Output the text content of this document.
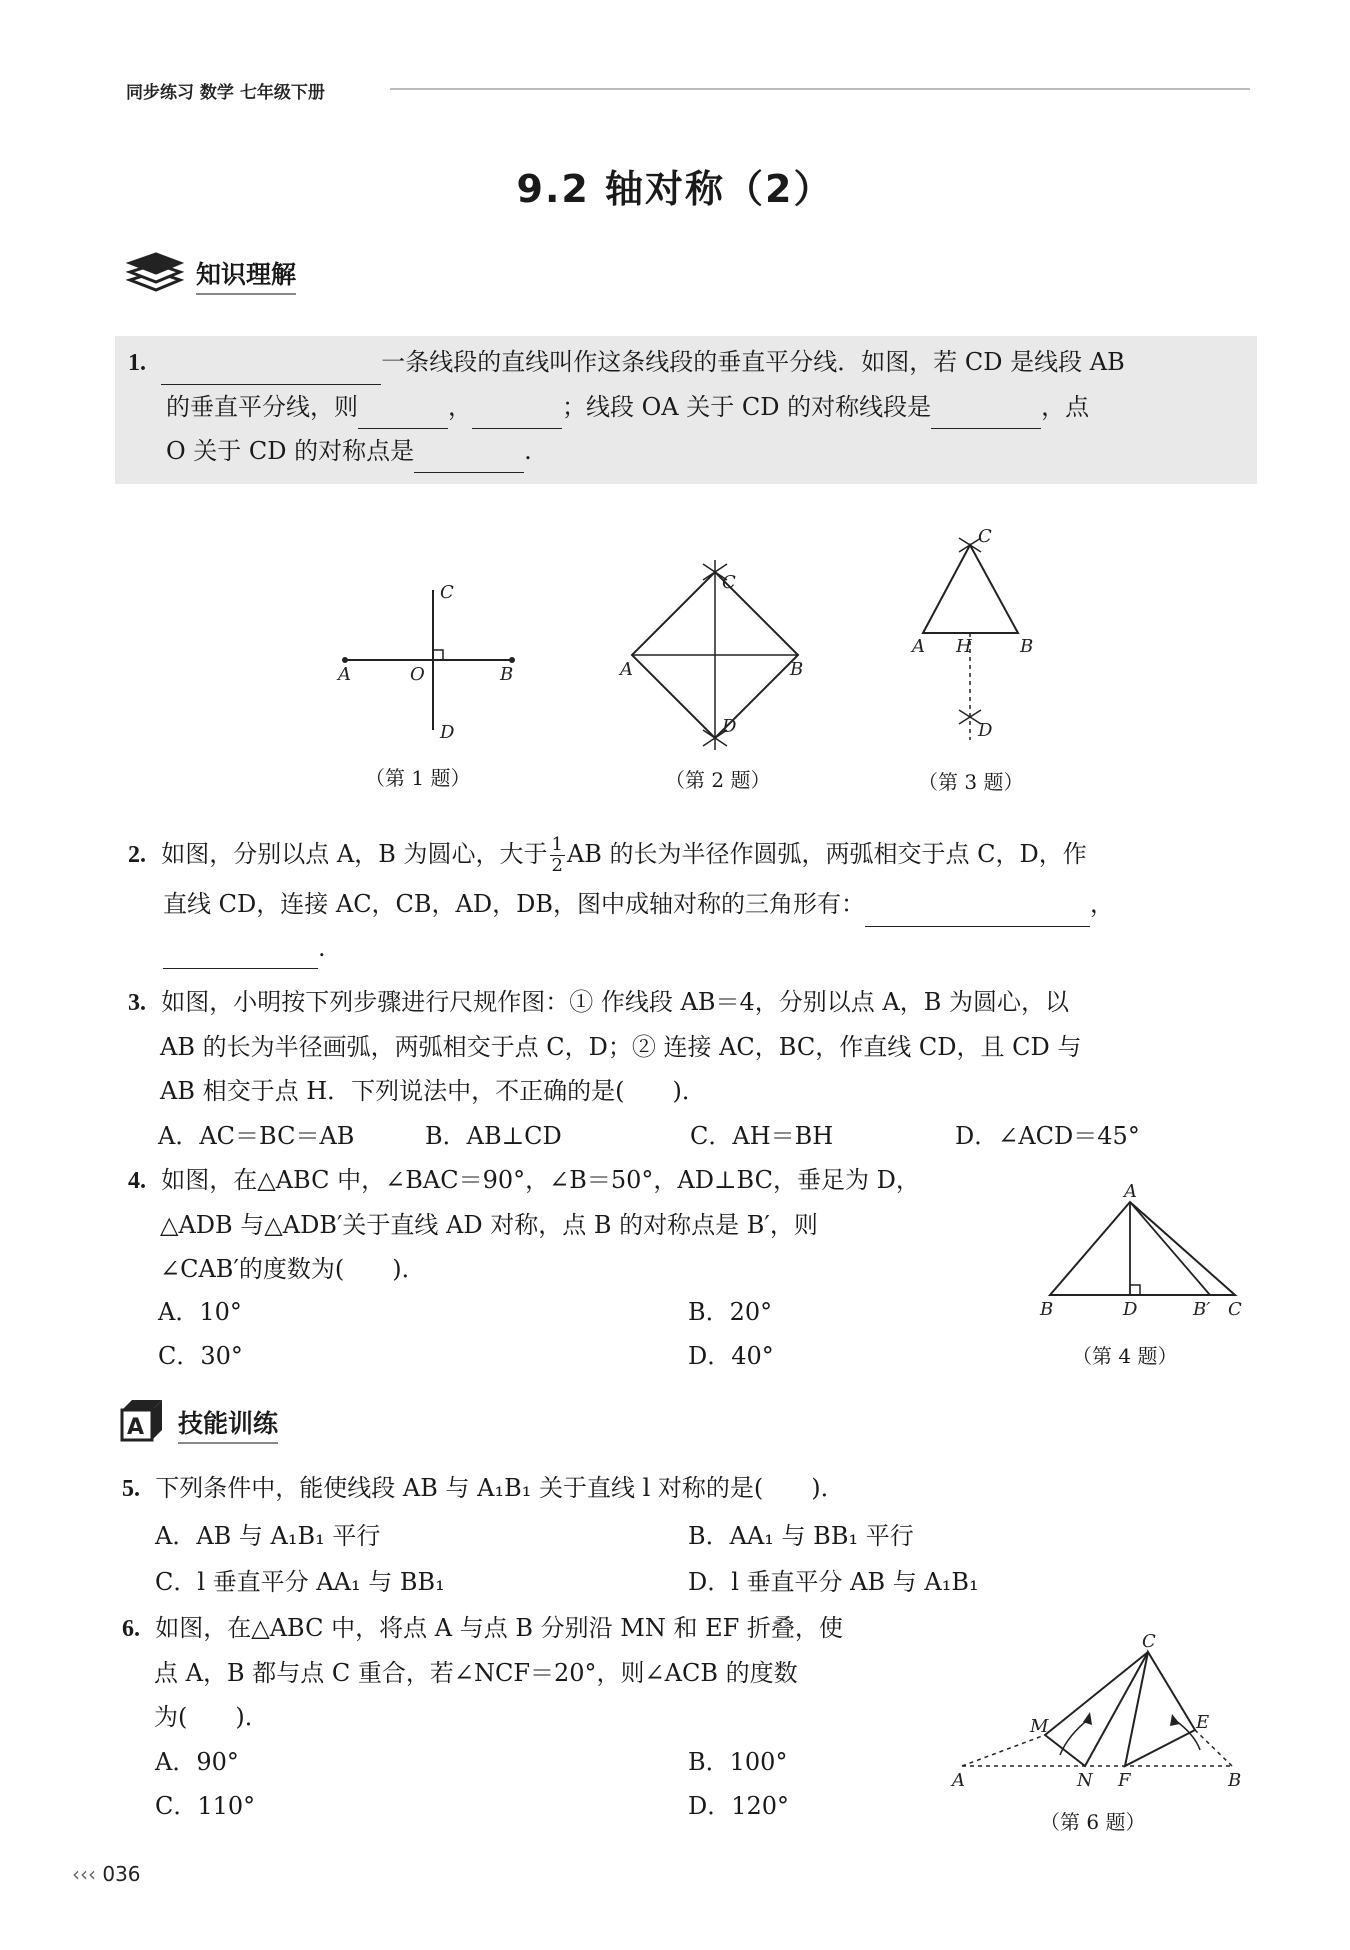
同步练习 数学 七年级下册
9.2 轴对称（2）
知识理解
1.	一条线段的直线叫作这条线段的垂直平分线．如图，若 CD 是线段 AB
的垂直平分线，则	，	；线段 OA 关于 CD 的对称线段是	，点
O 关于 CD 的对称点是	.
A	O	B
C
D
A	B
C
D
A H	B
C
D
（第 1 题）	（第 2 题）	（第 3 题）
2. 如图，分别以点 A，B 为圆心，大于 $\frac{1}{2}$ AB 的长为半径作圆弧，两弧相交于点 C，D，作
直线 CD，连接 AC，CB，AD，DB，图中成轴对称的三角形有：	，
.
3. 如图，小明按下列步骤进行尺规作图：① 作线段 AB＝4，分别以点 A，B 为圆心，以
AB 的长为半径画弧，两弧相交于点 C，D；② 连接 AC，BC，作直线 CD，且 CD 与
AB 相交于点 H．下列说法中，不正确的是(　　)．
A．AC＝BC＝AB	B．AB⊥CD	C．AH＝BH	D．∠ACD＝45°
4. 如图，在△ABC 中，∠BAC＝90°，∠B＝50°，AD⊥BC，垂足为 D，
△ADB 与△ADB′关于直线 AD 对称，点 B 的对称点是 B′，则
∠CAB′的度数为(　　)．
A．10°	B．20°
C．30°	D．40°
A
B	D	B′ C
（第 4 题）
A 技能训练
5. 下列条件中，能使线段 AB 与 A₁B₁ 关于直线 l 对称的是(　　)．
A．AB 与 A₁B₁ 平行	B．AA₁ 与 BB₁ 平行
C．l 垂直平分 AA₁ 与 BB₁	D．l 垂直平分 AB 与 A₁B₁
6. 如图，在△ABC 中，将点 A 与点 B 分别沿 MN 和 EF 折叠，使
点 A，B 都与点 C 重合，若∠NCF＝20°，则∠ACB 的度数
为(　　)．
A．90°	B．100°
C．110°	D．120°
A	N F	B
C
M	E
（第 6 题）
‹‹‹ 036
